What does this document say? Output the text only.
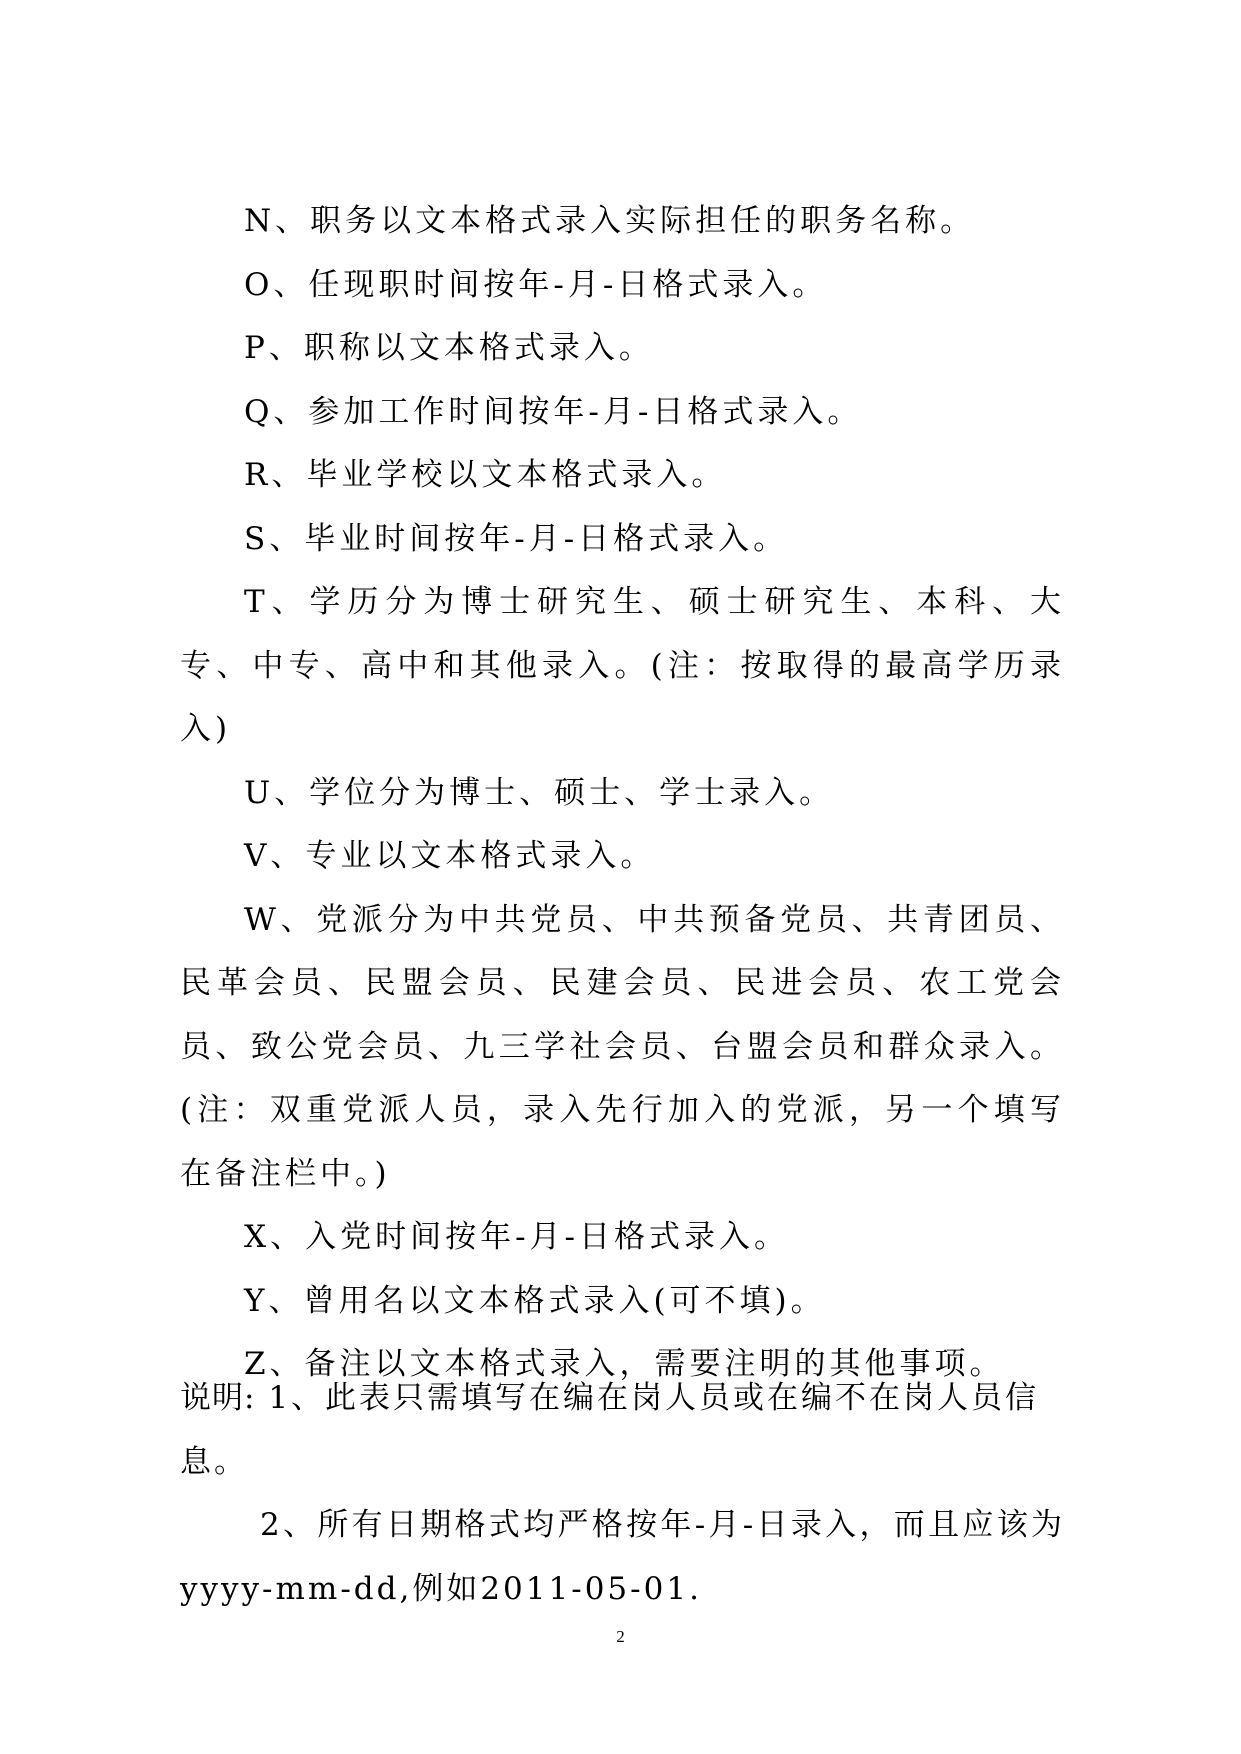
N、职务以文本格式录入实际担任的职务名称。

O、任现职时间按年-月-日格式录入。

P、职称以文本格式录入。

Q、参加工作时间按年-月-日格式录入。

R、毕业学校以文本格式录入。

S、毕业时间按年-月-日格式录入。

T、学历分为博士研究生、硕士研究生、本科、大专、中专、高中和其他录入。(注：按取得的最高学历录入)

U、学位分为博士、硕士、学士录入。

V、专业以文本格式录入。

W、党派分为中共党员、中共预备党员、共青团员、民革会员、民盟会员、民建会员、民进会员、农工党会员、致公党会员、九三学社会员、台盟会员和群众录入。(注：双重党派人员，录入先行加入的党派，另一个填写在备注栏中。)

X、入党时间按年-月-日格式录入。

Y、曾用名以文本格式录入(可不填)。

Z、备注以文本格式录入，需要注明的其他事项。

说明: 1、此表只需填写在编在岗人员或在编不在岗人员信息。

2、所有日期格式均严格按年-月-日录入，而且应该为yyyy-mm-dd,例如2011-05-01.

2
